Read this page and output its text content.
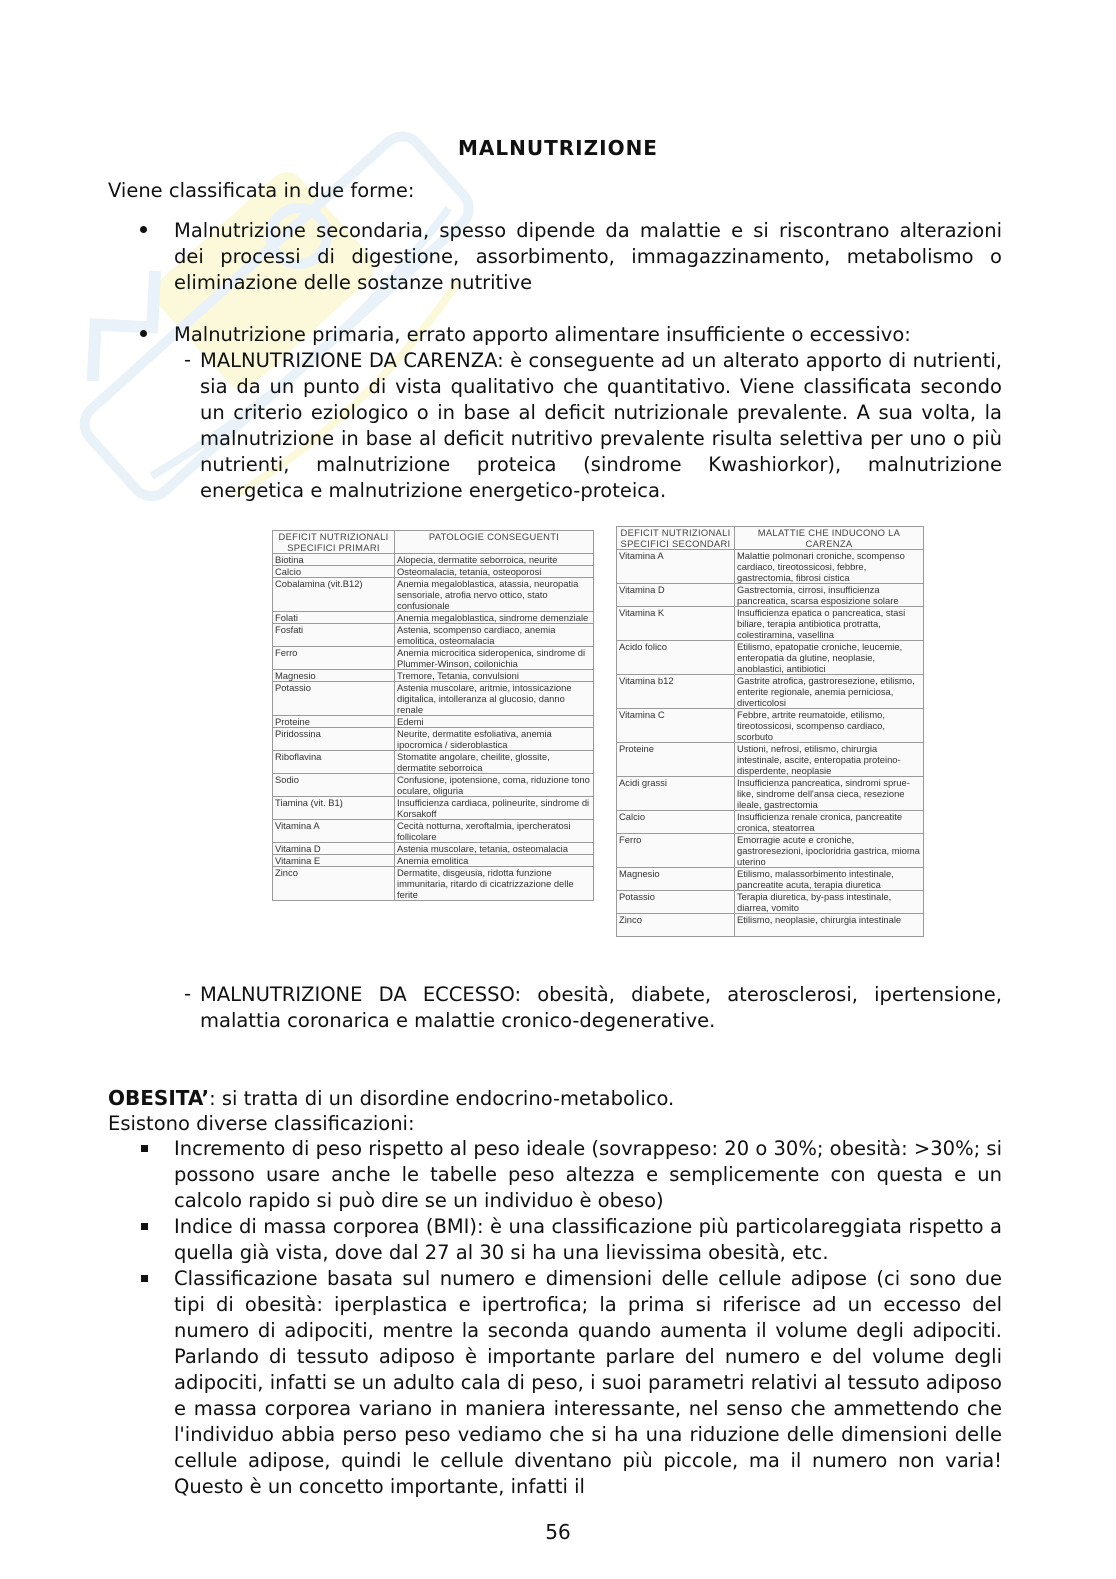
MALNUTRIZIONE
Viene classificata in due forme:
Malnutrizione secondaria, spesso dipende da malattie e si riscontrano alterazioni dei processi di digestione, assorbimento, immagazzinamento, metabolismo o eliminazione delle sostanze nutritive
Malnutrizione primaria, errato apporto alimentare insufficiente o eccessivo:
- MALNUTRIZIONE DA CARENZA: è conseguente ad un alterato apporto di nutrienti, sia da un punto di vista qualitativo che quantitativo. Viene classificata secondo un criterio eziologico o in base al deficit nutrizionale prevalente. A sua volta, la malnutrizione in base al deficit nutritivo prevalente risulta selettiva per uno o più nutrienti, malnutrizione proteica (sindrome Kwashiorkor), malnutrizione energetica e malnutrizione energetico-proteica.
DEFICIT NUTRIZIONALI SPECIFICI PRIMARI	PATOLOGIE CONSEGUENTI
Biotina	Alopecia, dermatite seborroica, neurite
Calcio	Osteomalacia, tetania, osteoporosi
Cobalamina (vit.B12)	Anemia megaloblastica, atassia, neuropatia sensoriale, atrofia nervo ottico, stato confusionale
Folati	Anemia megaloblastica, sindrome demenziale
Fosfati	Astenia, scompenso cardiaco, anemia emolitica, osteomalacia
Ferro	Anemia microcitica sideropenica, sindrome di Plummer-Winson, coilonichia
Magnesio	Tremore, Tetania, convulsioni
Potassio	Astenia muscolare, aritmie, intossicazione digitalica, intolleranza al glucosio, danno renale
Proteine	Edemi
Piridossina	Neurite, dermatite esfoliativa, anemia ipocromica / sideroblastica
Riboflavina	Stomatite angolare, cheilite, glossite, dermatite seborroica
Sodio	Confusione, ipotensione, coma, riduzione tono oculare, oliguria
Tiamina (vit. B1)	Insufficienza cardiaca, polineurite, sindrome di Korsakoff
Vitamina A	Cecità notturna, xeroftalmia, ipercheratosi follicolare
Vitamina D	Astenia muscolare, tetania, osteomalacia
Vitamina E	Anemia emolitica
Zinco	Dermatite, disgeusia, ridotta funzione immunitaria, ritardo di cicatrizzazione delle ferite
DEFICIT NUTRIZIONALI SPECIFICI SECONDARI	MALATTIE CHE INDUCONO LA CARENZA
Vitamina A	Malattie polmonari croniche, scompenso cardiaco, tireotossicosi, febbre, gastrectomia, fibrosi cistica
Vitamina D	Gastrectomia, cirrosi, insufficienza pancreatica, scarsa esposizione solare
Vitamina K	Insufficienza epatica o pancreatica, stasi biliare, terapia antibiotica protratta, colestiramina, vasellina
Acido folico	Etilismo, epatopatie croniche, leucemie, enteropatia da glutine, neoplasie, anoblastici, antibiotici
Vitamina b12	Gastrite atrofica, gastroresezione, etilismo, enterite regionale, anemia perniciosa, diverticolosi
Vitamina C	Febbre, artrite reumatoide, etilismo, tireotossicosi, scompenso cardiaco, scorbuto
Proteine	Ustioni, nefrosi, etilismo, chirurgia intestinale, ascite, enteropatia proteino-disperdente, neoplasie
Acidi grassi	Insufficienza pancreatica, sindromi sprue-like, sindrome dell'ansa cieca, resezione ileale, gastrectomia
Calcio	Insufficienza renale cronica, pancreatite cronica, steatorrea
Ferro	Emorragie acute e croniche, gastroresezioni, ipocloridria gastrica, mioma uterino
Magnesio	Etilismo, malassorbimento intestinale, pancreatite acuta, terapia diuretica
Potassio	Terapia diuretica, by-pass intestinale, diarrea, vomito
Zinco	Etilismo, neoplasie, chirurgia intestinale
- MALNUTRIZIONE DA ECCESSO: obesità, diabete, aterosclerosi, ipertensione, malattia coronarica e malattie cronico-degenerative.
OBESITA’: si tratta di un disordine endocrino-metabolico.
Esistono diverse classificazioni:
Incremento di peso rispetto al peso ideale (sovrappeso: 20 o 30%; obesità: >30%; si possono usare anche le tabelle peso altezza e semplicemente con questa e un calcolo rapido si può dire se un individuo è obeso)
Indice di massa corporea (BMI): è una classificazione più particolareggiata rispetto a quella già vista, dove dal 27 al 30 si ha una lievissima obesità, etc.
Classificazione basata sul numero e dimensioni delle cellule adipose (ci sono due tipi di obesità: iperplastica e ipertrofica; la prima si riferisce ad un eccesso del numero di adipociti, mentre la seconda quando aumenta il volume degli adipociti. Parlando di tessuto adiposo è importante parlare del numero e del volume degli adipociti, infatti se un adulto cala di peso, i suoi parametri relativi al tessuto adiposo e massa corporea variano in maniera interessante, nel senso che ammettendo che l'individuo abbia perso peso vediamo che si ha una riduzione delle dimensioni delle cellule adipose, quindi le cellule diventano più piccole, ma il numero non varia! Questo è un concetto importante, infatti il
56
